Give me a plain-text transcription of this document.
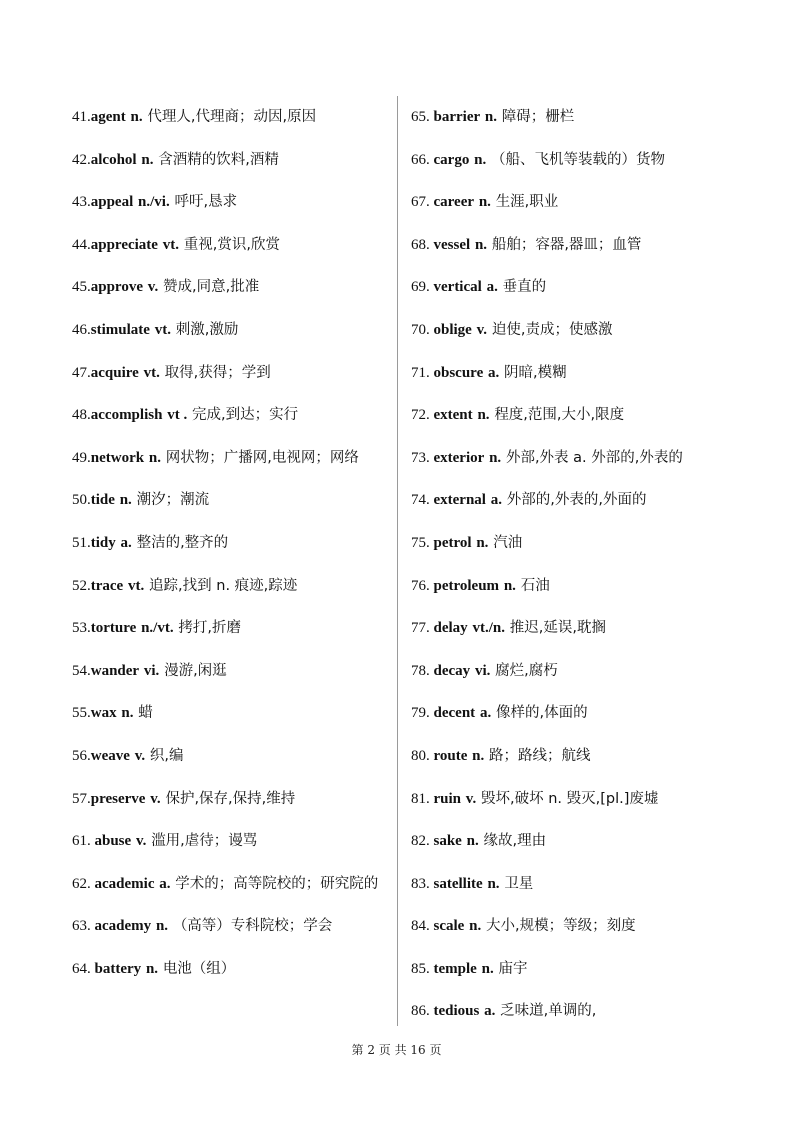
41.agent n. 代理人,代理商；动因,原因
42.alcohol n. 含酒精的饮料,酒精
43.appeal n./vi. 呼吁,恳求
44.appreciate vt. 重视,赏识,欣赏
45.approve v. 赞成,同意,批准
46.stimulate vt. 刺激,激励
47.acquire vt. 取得,获得；学到
48.accomplish vt . 完成,到达；实行
49.network n. 网状物；广播网,电视网；网络
50.tide n. 潮汐；潮流
51.tidy a. 整洁的,整齐的
52.trace vt. 追踪,找到 n. 痕迹,踪迹
53.torture n./vt. 拷打,折磨
54.wander vi. 漫游,闲逛
55.wax n. 蜡
56.weave v. 织,编
57.preserve v. 保护,保存,保持,维持
61. abuse v. 滥用,虐待；谩骂
62. academic a. 学术的；高等院校的；研究院的
63. academy n. （高等）专科院校；学会
64. battery n. 电池（组）
65. barrier n. 障碍；栅栏
66. cargo n. （船、飞机等装载的）货物
67. career n. 生涯,职业
68. vessel n. 船舶；容器,器皿；血管
69. vertical a. 垂直的
70. oblige v. 迫使,责成；使感激
71. obscure a. 阴暗,模糊
72. extent n. 程度,范围,大小,限度
73. exterior n. 外部,外表 a. 外部的,外表的
74. external a. 外部的,外表的,外面的
75. petrol n. 汽油
76. petroleum n. 石油
77. delay vt./n. 推迟,延误,耽搁
78. decay vi. 腐烂,腐朽
79. decent a. 像样的,体面的
80. route n. 路；路线；航线
81. ruin v. 毁坏,破坏 n. 毁灭,[pl.]废墟
82. sake n. 缘故,理由
83. satellite n. 卫星
84. scale n. 大小,规模；等级；刻度
85. temple n. 庙宇
86. tedious a. 乏味道,单调的,
第 2 页 共 16 页
